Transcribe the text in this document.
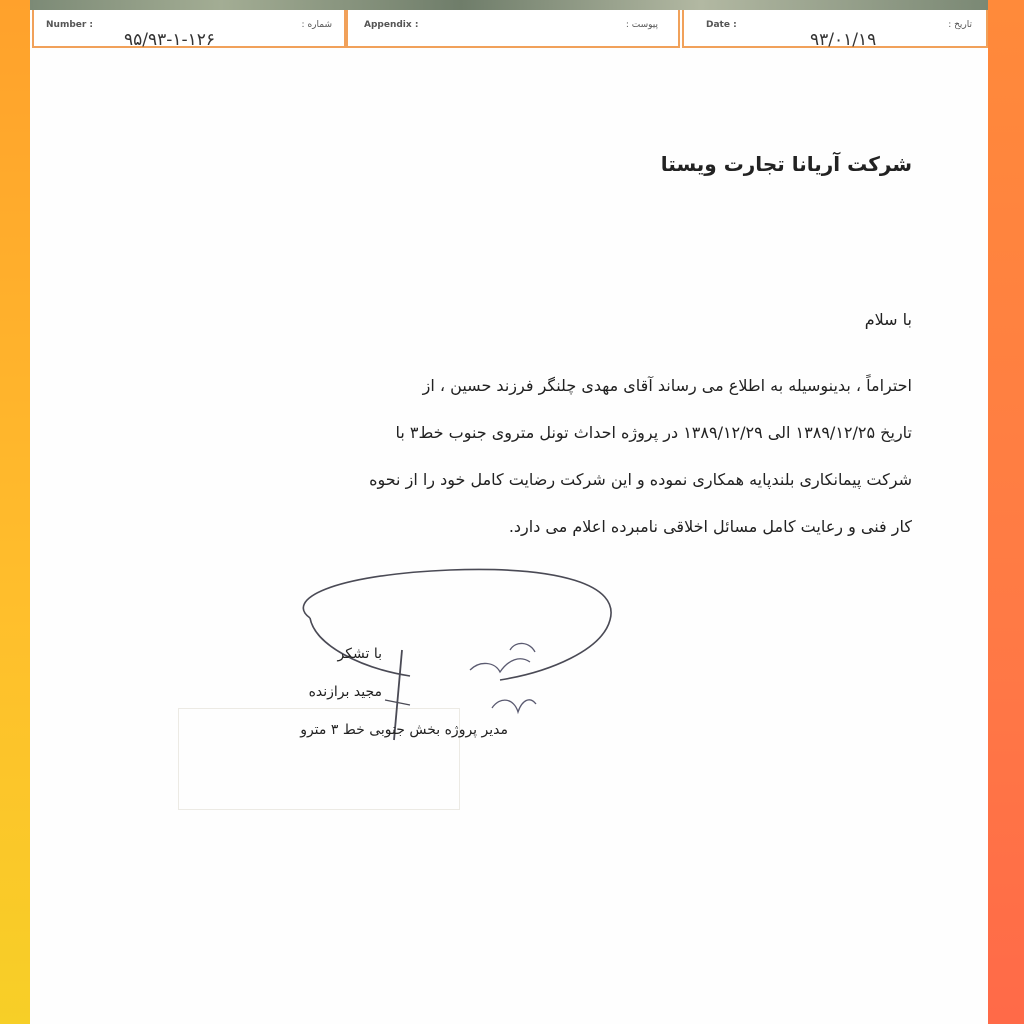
Number :	شماره :
۹۵/۹۳-۱-۱۲۶
Appendix :	پیوست :	Date :	تاریخ :
۹۳/۰۱/۱۹
شرکت آریانا تجارت ویستا
با سلام
احتراماً ، بدینوسیله به اطلاع می رساند آقای مهدی چلنگر فرزند حسین ، از
تاریخ ۱۳۸۹/۱۲/۲۵ الی ۱۳۸۹/۱۲/۲۹ در پروژه احداث تونل متروی جنوب خط۳ با
شرکت پیمانکاری بلندپایه همکاری نموده و این شرکت رضایت کامل خود را از نحوه
کار فنی و رعایت کامل مسائل اخلاقی نامبرده اعلام می دارد.
با تشکر
مجید برازنده
مدیر پروژه بخش جنوبی خط ۳ مترو
